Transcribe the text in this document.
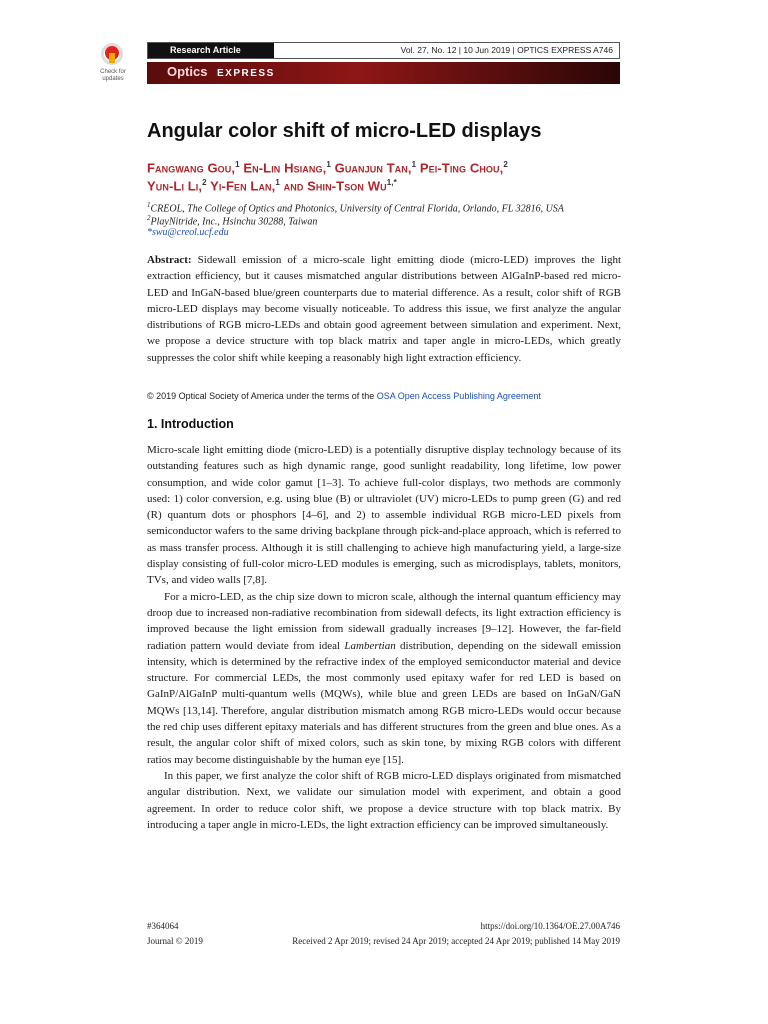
Check for
updates
Research Article	Vol. 27, No. 12 | 10 Jun 2019 | OPTICS EXPRESS A746
Optics EXPRESS
Angular color shift of micro-LED displays
Fangwang Gou,$^1$ En-Lin Hsiang,$^1$ Guanjun Tan,$^1$ Pei-Ting Chou,$^2$
Yun-Li Li,$^2$ Yi-Fen Lan,$^1$ and Shin-Tson $Wu^{1,*}$
$^1$CREOL, The College of Optics and Photonics, University of Central Florida, Orlando, FL 32816, USA
$^2$PlayNitride, Inc., Hsinchu 30288, Taiwan
*swu@creol.ucf.edu

Abstract: Sidewall emission of a micro-scale light emitting diode (micro-LED) improves the light extraction efficiency, but it causes mismatched angular distributions between AlGaInP-based red micro-LED and InGaN-based blue/green counterparts due to material difference. As a result, color shift of RGB micro-LED displays may become visually noticeable. To address this issue, we first analyze the angular distributions of RGB micro-LEDs and obtain good agreement between simulation and experiment. Next, we propose a device structure with top black matrix and taper angle in micro-LEDs, which greatly suppresses the color shift while keeping a reasonably high light extraction efficiency.

© 2019 Optical Society of America under the terms of the OSA Open Access Publishing Agreement
1. Introduction

Micro-scale light emitting diode (micro-LED) is a potentially disruptive display technology because of its outstanding features such as high dynamic range, good sunlight readability, long lifetime, low power consumption, and wide color gamut [1–3]. To achieve full-color displays, two methods are commonly used: 1) color conversion, e.g. using blue (B) or ultraviolet (UV) micro-LEDs to pump green (G) and red (R) quantum dots or phosphors [4–6], and 2) to assemble individual RGB micro-LED pixels from semiconductor wafers to the same driving backplane through pick-and-place approach, which is referred to as mass transfer process. Although it is still challenging to achieve high manufacturing yield, a large-size display consisting of full-color micro-LED modules is emerging, such as microdisplays, tablets, monitors, TVs, and video walls [7,8].

For a micro-LED, as the chip size down to micron scale, although the internal quantum efficiency may droop due to increased non-radiative recombination from sidewall defects, its light extraction efficiency is improved because the light emission from sidewall gradually increases [9–12]. However, the far-field radiation pattern would deviate from ideal Lambertian distribution, depending on the sidewall emission intensity, which is determined by the refractive index of the employed semiconductor material and device structure. For commercial LEDs, the most commonly used epitaxy wafer for red LED is based on GaInP/AlGaInP multi-quantum wells (MQWs), while blue and green LEDs are based on InGaN/GaN MQWs [13,14]. Therefore, angular distribution mismatch among RGB micro-LEDs would occur because the red chip uses different epitaxy materials and has different structures from the green and blue ones. As a result, the angular color shift of mixed colors, such as skin tone, by mixing RGB colors with different ratios may become distinguishable by the human eye [15].

In this paper, we first analyze the color shift of RGB micro-LED displays originated from mismatched angular distribution. Next, we validate our simulation model with experiment, and obtain a good agreement. In order to reduce color shift, we propose a device structure with top black matrix. By introducing a taper angle in micro-LEDs, the light extraction efficiency can be improved simultaneously.

#364064
Journal © 2019
https://doi.org/10.1364/OE.27.00A746
Received 2 Apr 2019; revised 24 Apr 2019; accepted 24 Apr 2019; published 14 May 2019
